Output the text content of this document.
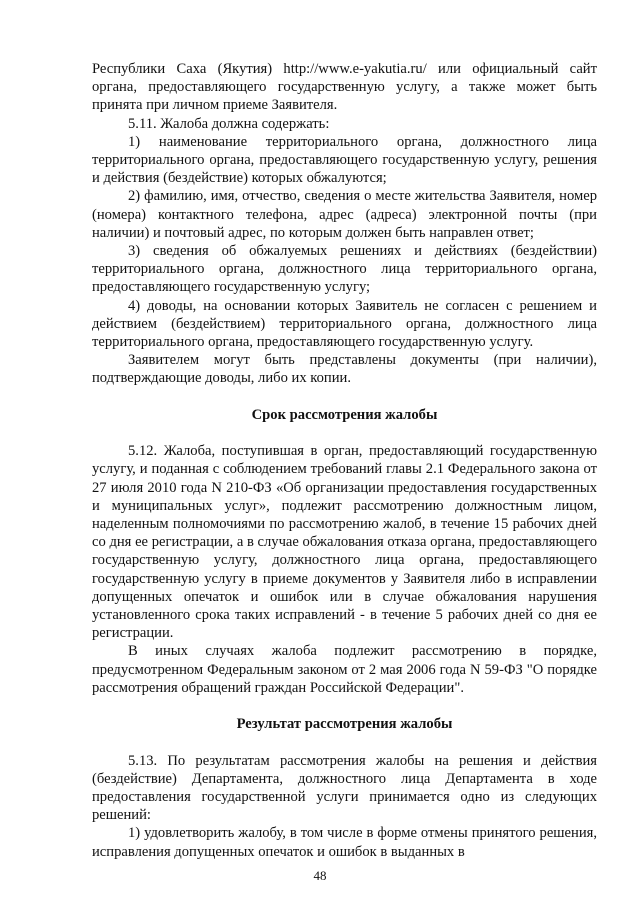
Республики Саха (Якутия) http://www.e-yakutia.ru/ или официальный сайт органа, предоставляющего государственную услугу, а также может быть принята при личном приеме Заявителя.

5.11. Жалоба должна содержать:

1) наименование территориального органа, должностного лица территориального органа, предоставляющего государственную услугу, решения и действия (бездействие) которых обжалуются;

2) фамилию, имя, отчество, сведения о месте жительства Заявителя, номер (номера) контактного телефона, адрес (адреса) электронной почты (при наличии) и почтовый адрес, по которым должен быть направлен ответ;

3) сведения об обжалуемых решениях и действиях (бездействии) территориального органа, должностного лица территориального органа, предоставляющего государственную услугу;

4) доводы, на основании которых Заявитель не согласен с решением и действием (бездействием) территориального органа, должностного лица территориального органа, предоставляющего государственную услугу.

Заявителем могут быть представлены документы (при наличии), подтверждающие доводы, либо их копии.

Срок рассмотрения жалобы

5.12. Жалоба, поступившая в орган, предоставляющий государственную услугу, и поданная с соблюдением требований главы 2.1 Федерального закона от 27 июля 2010 года N 210-ФЗ «Об организации предоставления государственных и муниципальных услуг», подлежит рассмотрению должностным лицом, наделенным полномочиями по рассмотрению жалоб, в течение 15 рабочих дней со дня ее регистрации, а в случае обжалования отказа органа, предоставляющего государственную услугу, должностного лица органа, предоставляющего государственную услугу в приеме документов у Заявителя либо в исправлении допущенных опечаток и ошибок или в случае обжалования нарушения установленного срока таких исправлений - в течение 5 рабочих дней со дня ее регистрации.

В иных случаях жалоба подлежит рассмотрению в порядке, предусмотренном Федеральным законом от 2 мая 2006 года N 59-ФЗ "О порядке рассмотрения обращений граждан Российской Федерации".

Результат рассмотрения жалобы

5.13. По результатам рассмотрения жалобы на решения и действия (бездействие) Департамента, должностного лица Департамента в ходе предоставления государственной услуги принимается одно из следующих решений:

1) удовлетворить жалобу, в том числе в форме отмены принятого решения, исправления допущенных опечаток и ошибок в выданных в

48
